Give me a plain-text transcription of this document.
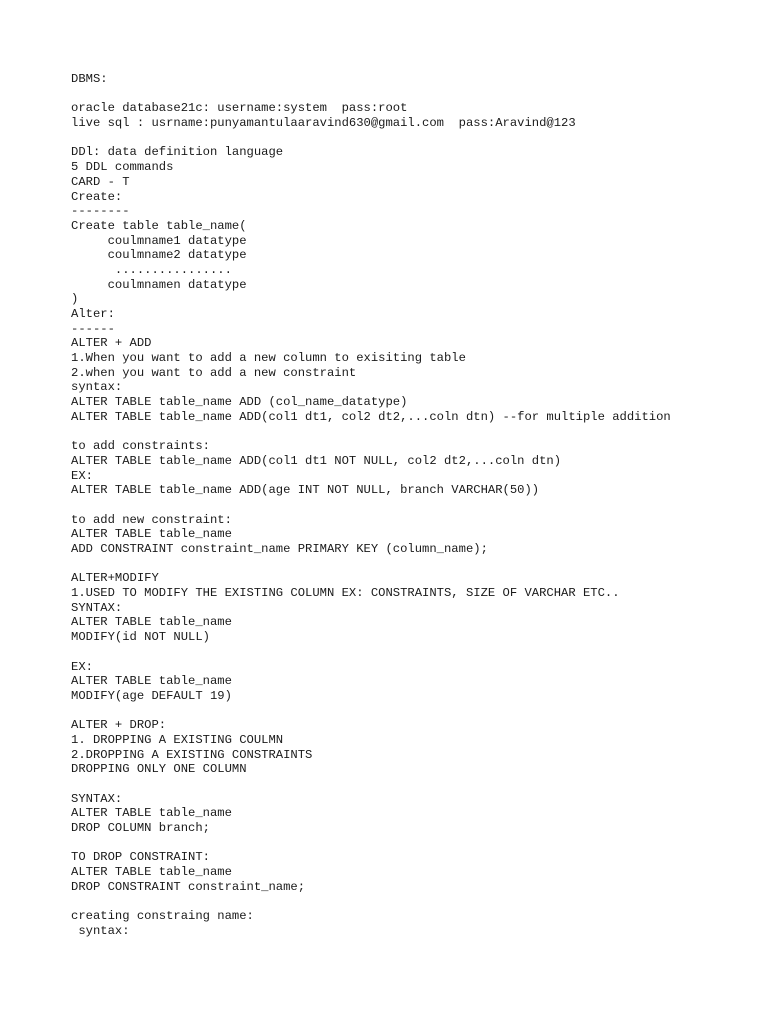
DBMS:
oracle database21c: username:system  pass:root
live sql : usrname:punyamantulaaravind630@gmail.com  pass:Aravind@123
DDl: data definition language
5 DDL commands
CARD - T
Create:
--------
Create table table_name(
coulmname1 datatype
coulmname2 datatype
................
coulmnamen datatype
)
Alter:
------
ALTER + ADD
1.When you want to add a new column to exisiting table
2.when you want to add a new constraint
syntax:
ALTER TABLE table_name ADD (col_name_datatype)
ALTER TABLE table_name ADD(col1 dt1, col2 dt2,...coln dtn) --for multiple addition
to add constraints:
ALTER TABLE table_name ADD(col1 dt1 NOT NULL, col2 dt2,...coln dtn)
EX:
ALTER TABLE table_name ADD(age INT NOT NULL, branch VARCHAR(50))
to add new constraint:
ALTER TABLE table_name
ADD CONSTRAINT constraint_name PRIMARY KEY (column_name);
ALTER+MODIFY
1.USED TO MODIFY THE EXISTING COLUMN EX: CONSTRAINTS, SIZE OF VARCHAR ETC..
SYNTAX:
ALTER TABLE table_name
MODIFY(id NOT NULL)
EX:
ALTER TABLE table_name
MODIFY(age DEFAULT 19)
ALTER + DROP:
1. DROPPING A EXISTING COULMN
2.DROPPING A EXISTING CONSTRAINTS
DROPPING ONLY ONE COLUMN
SYNTAX:
ALTER TABLE table_name
DROP COLUMN branch;
TO DROP CONSTRAINT:
ALTER TABLE table_name
DROP CONSTRAINT constraint_name;
creating constraing name:
syntax:
